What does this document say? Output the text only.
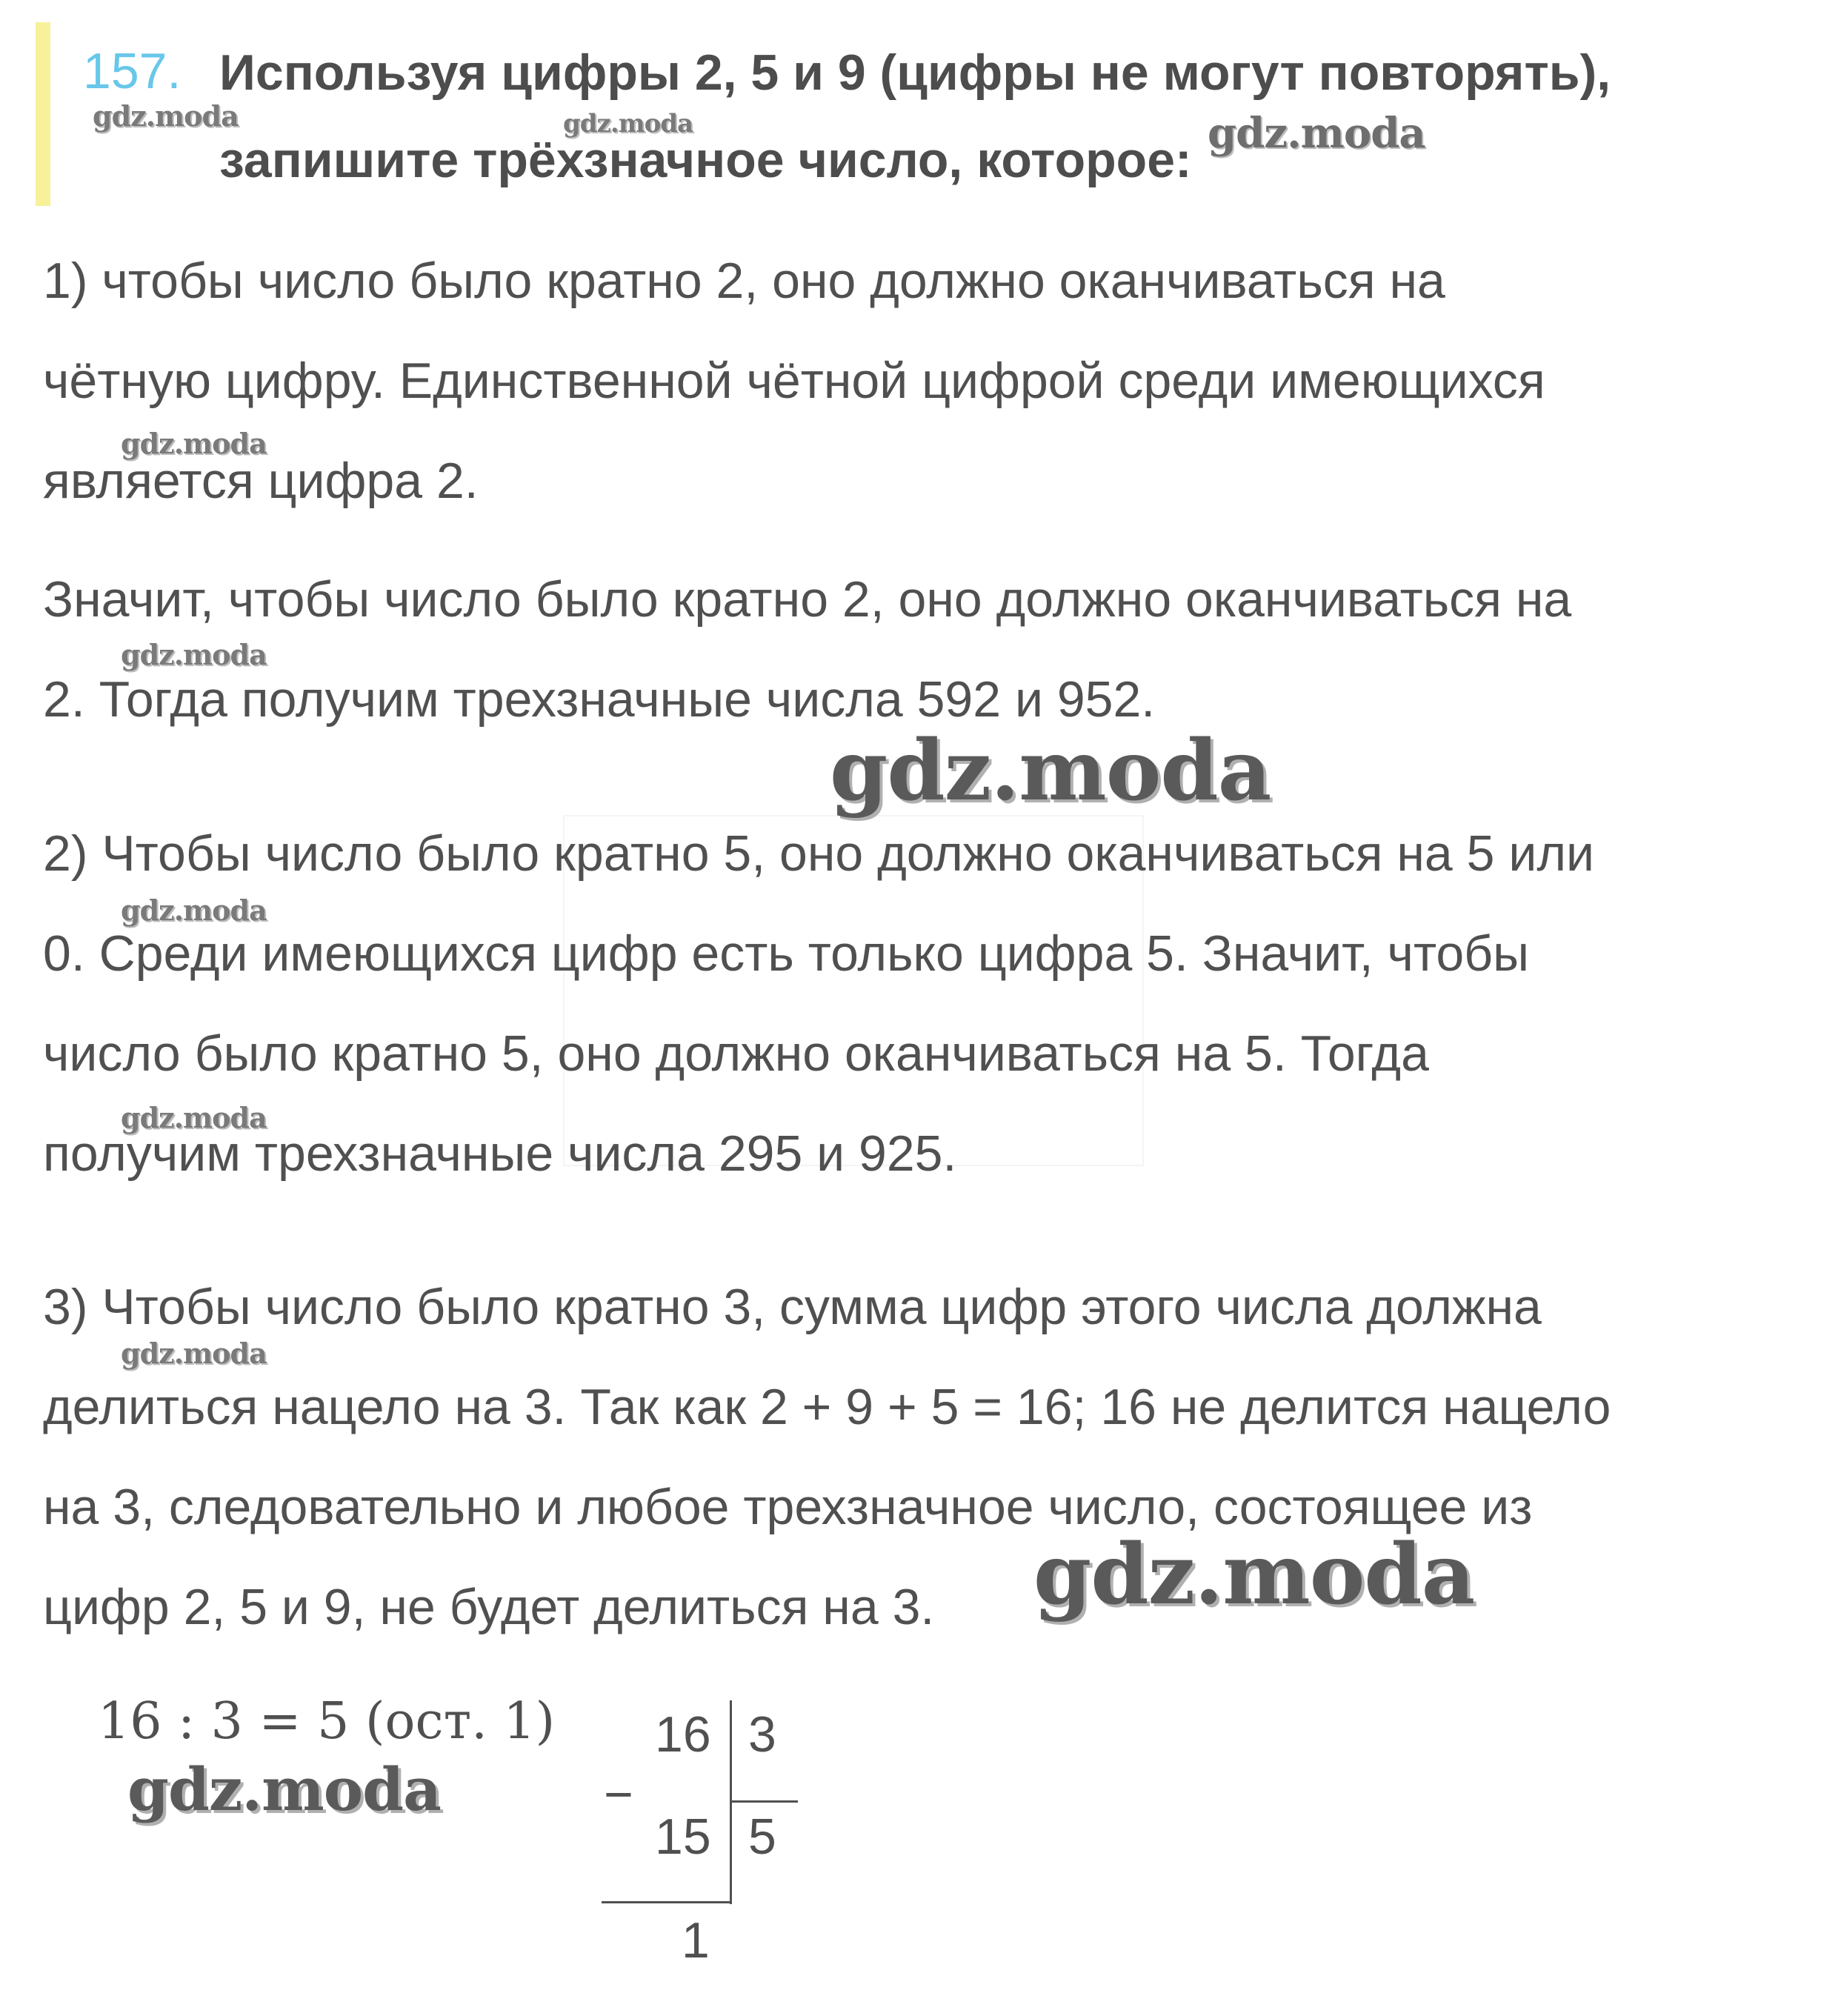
157. Используя цифры 2, 5 и 9 (цифры не могут повторять),
запишите трёхзначное число, которое:
1) чтобы число было кратно 2, оно должно оканчиваться на
чётную цифру. Единственной чётной цифрой среди имеющихся
является цифра 2.
Значит, чтобы число было кратно 2, оно должно оканчиваться на
2. Тогда получим трехзначные числа 592 и 952.
2) Чтобы число было кратно 5, оно должно оканчиваться на 5 или
0. Среди имеющихся цифр есть только цифра 5. Значит, чтобы
число было кратно 5, оно должно оканчиваться на 5. Тогда
получим трехзначные числа 295 и 925.
3) Чтобы число было кратно 3, сумма цифр этого числа должна
делиться нацело на 3. Так как 2 + 9 + 5 = 16; 16 не делится нацело
на 3, следовательно и любое трехзначное число, состоящее из
цифр 2, 5 и 9, не будет делиться на 3.
16 : 3 = 5 (ост. 1) 16 3
−
15 5
1
gdz.moda	gdz.moda	gdz.moda
gdz.moda
gdz.moda
gdz.moda
gdz.moda
gdz.moda
gdz.moda
gdz.moda
gdz.moda
